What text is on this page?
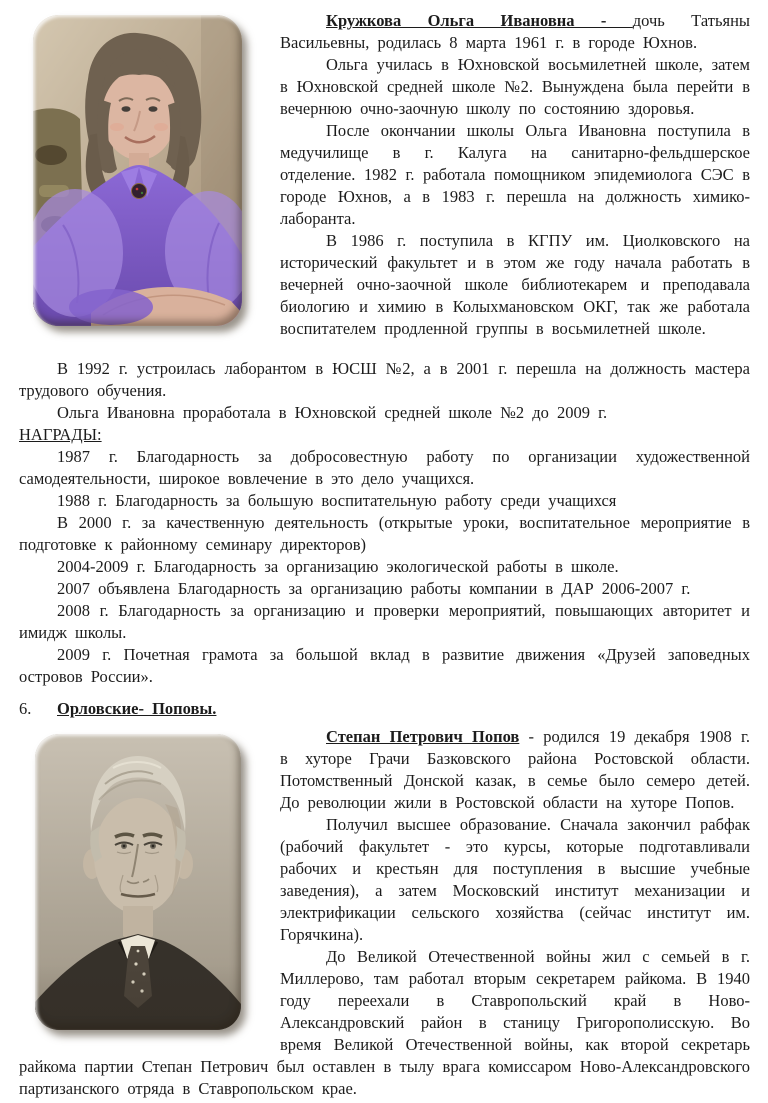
Кружкова Ольга Ивановна - дочь Татьяны Васильевны, родилась 8 марта 1961 г. в городе Юхнов.

Ольга училась в Юхновской восьмилетней школе, затем в Юхновской средней школе №2. Вынуждена была перейти в вечернюю очно-заочную школу по состоянию здоровья.

После окончании школы Ольга Ивановна поступила в медучилище в г. Калуга на санитарно-фельдшерское отделение. 1982 г. работала помощником эпидемиолога СЭС в городе Юхнов, а в 1983 г. перешла на должность химико-лаборанта.

В 1986 г. поступила в КГПУ им. Циолковского на исторический факультет и в этом же году начала работать в вечерней очно-заочной школе библиотекарем и преподавала биологию и химию в Колыхмановском ОКГ, так же работала воспитателем продленной группы в восьмилетней школе.

В 1992 г. устроилась лаборантом в ЮСШ №2, а в 2001 г. перешла на должность мастера трудового обучения.

Ольга Ивановна проработала в Юхновской средней школе №2 до 2009 г.

НАГРАДЫ:

1987 г. Благодарность за добросовестную работу по организации художественной самодеятельности, широкое вовлечение в это дело учащихся.

1988 г. Благодарность за большую воспитательную работу среди учащихся

В 2000 г. за качественную деятельность (открытые уроки, воспитательное мероприятие в подготовке к районному семинару директоров)

2004-2009 г. Благодарность за организацию экологической работы в школе.

2007 объявлена Благодарность за организацию работы компании в ДАР 2006-2007 г.

2008 г. Благодарность за организацию и проверки мероприятий, повышающих авторитет и имидж школы.

2009 г. Почетная грамота за большой вклад в развитие движения «Друзей заповедных островов России».

6. Орловские- Поповы.

Степан Петрович Попов - родился 19 декабря 1908 г. в хуторе Грачи Базковского района Ростовской области. Потомственный Донской казак, в семье было семеро детей. До революции жили в Ростовской области на хуторе Попов.

Получил высшее образование. Сначала закончил рабфак (рабочий факультет - это курсы, которые подготавливали рабочих и крестьян для поступления в высшие учебные заведения), а затем Московский институт механизации и электрификации сельского хозяйства (сейчас институт им. Горячкина).

До Великой Отечественной войны жил с семьей в г. Миллерово, там работал вторым секретарем райкома. В 1940 году переехали в Ставропольский край в Ново-Александровский район в станицу Григорополисскую. Во время Великой Отечественной войны, как второй секретарь райкома партии Степан Петрович был оставлен в тылу врага комиссаром Ново-Александровского партизанского отряда в Ставропольском крае.
